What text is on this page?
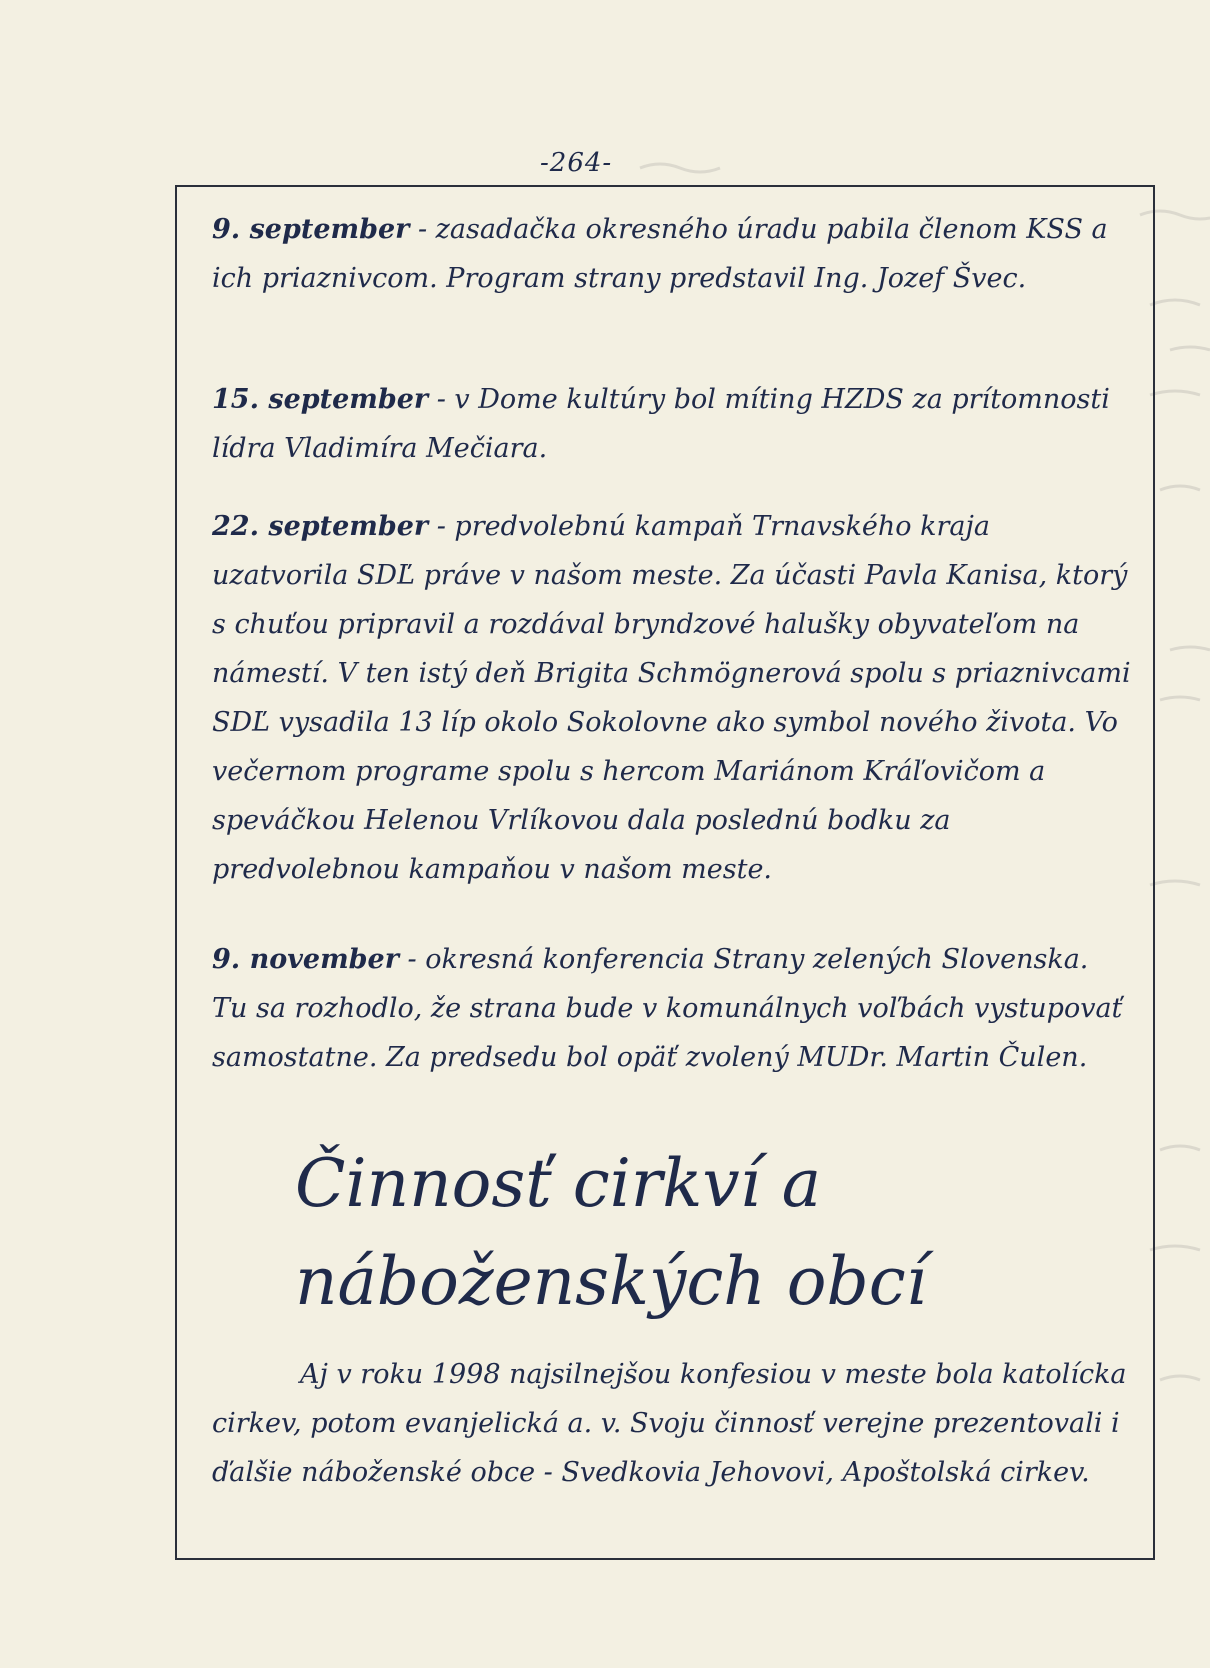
-264-
9. september - zasadačka okresného úradu pabila členom KSS a ich priaznivcom. Program strany predstavil Ing. Jozef Švec.
15. september - v Dome kultúry bol míting HZDS za prítomnosti lídra Vladimíra Mečiara.
22. september - predvolebnú kampaň Trnavského kraja uzatvorila SDĽ práve v našom meste. Za účasti Pavla Kanisa, ktorý s chuťou pripravil a rozdával bryndzové halušky obyvateľom na námestí. V ten istý deň Brigita Schmögnerová spolu s priaznivcami SDĽ vysadila 13 líp okolo Sokolovne ako symbol nového života. Vo večernom programe spolu s hercom Mariánom Kráľovičom a speváčkou Helenou Vrlíkovou dala poslednú bodku za predvolebnou kampaňou v našom meste.
9. november - okresná konferencia Strany zelených Slovenska. Tu sa rozhodlo, že strana bude v komunálnych voľbách vystupovať samostatne. Za predsedu bol opäť zvolený MUDr. Martin Čulen.
Činnosť cirkví a náboženských obcí
Aj v roku 1998 najsilnejšou konfesiou v meste bola katolícka cirkev, potom evanjelická a. v. Svoju činnosť verejne prezentovali i ďalšie náboženské obce - Svedkovia Jehovovi, Apoštolská cirkev.
